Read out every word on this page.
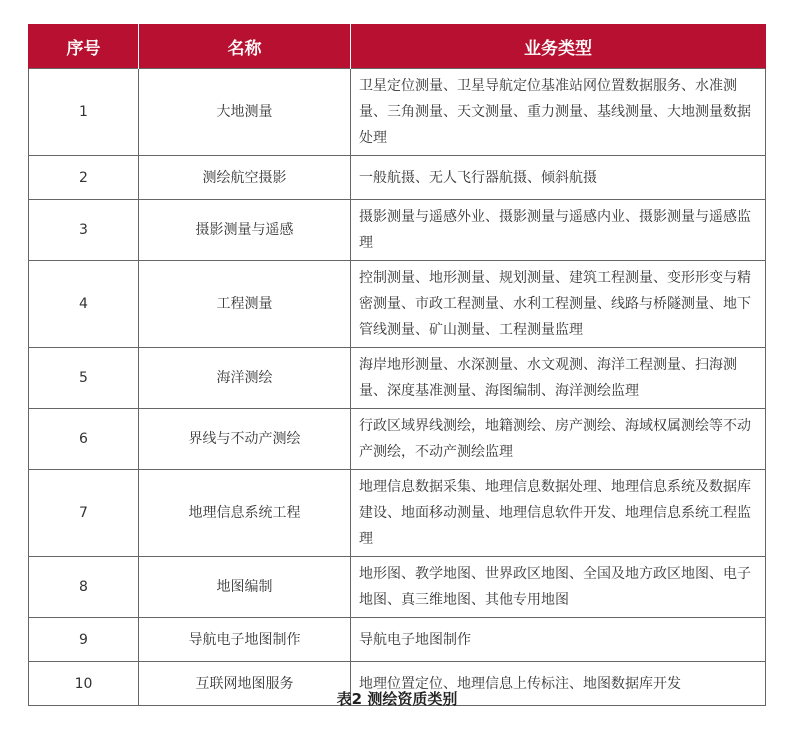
序号	名称	业务类型
1	大地测量	卫星定位测量、卫星导航定位基准站网位置数据服务、水准测量、三角测量、天文测量、重力测量、基线测量、大地测量数据处理
2	测绘航空摄影	一般航摄、无人飞行器航摄、倾斜航摄
3	摄影测量与遥感	摄影测量与遥感外业、摄影测量与遥感内业、摄影测量与遥感监理
4	工程测量	控制测量、地形测量、规划测量、建筑工程测量、变形形变与精密测量、市政工程测量、水利工程测量、线路与桥隧测量、地下管线测量、矿山测量、工程测量监理
5	海洋测绘	海岸地形测量、水深测量、水文观测、海洋工程测量、扫海测量、深度基准测量、海图编制、海洋测绘监理
6	界线与不动产测绘	行政区域界线测绘，地籍测绘、房产测绘、海域权属测绘等不动产测绘，不动产测绘监理
7	地理信息系统工程	地理信息数据采集、地理信息数据处理、地理信息系统及数据库建设、地面移动测量、地理信息软件开发、地理信息系统工程监理
8	地图编制	地形图、教学地图、世界政区地图、全国及地方政区地图、电子地图、真三维地图、其他专用地图
9	导航电子地图制作	导航电子地图制作
10	互联网地图服务	地理位置定位、地理信息上传标注、地图数据库开发
表2 测绘资质类别
